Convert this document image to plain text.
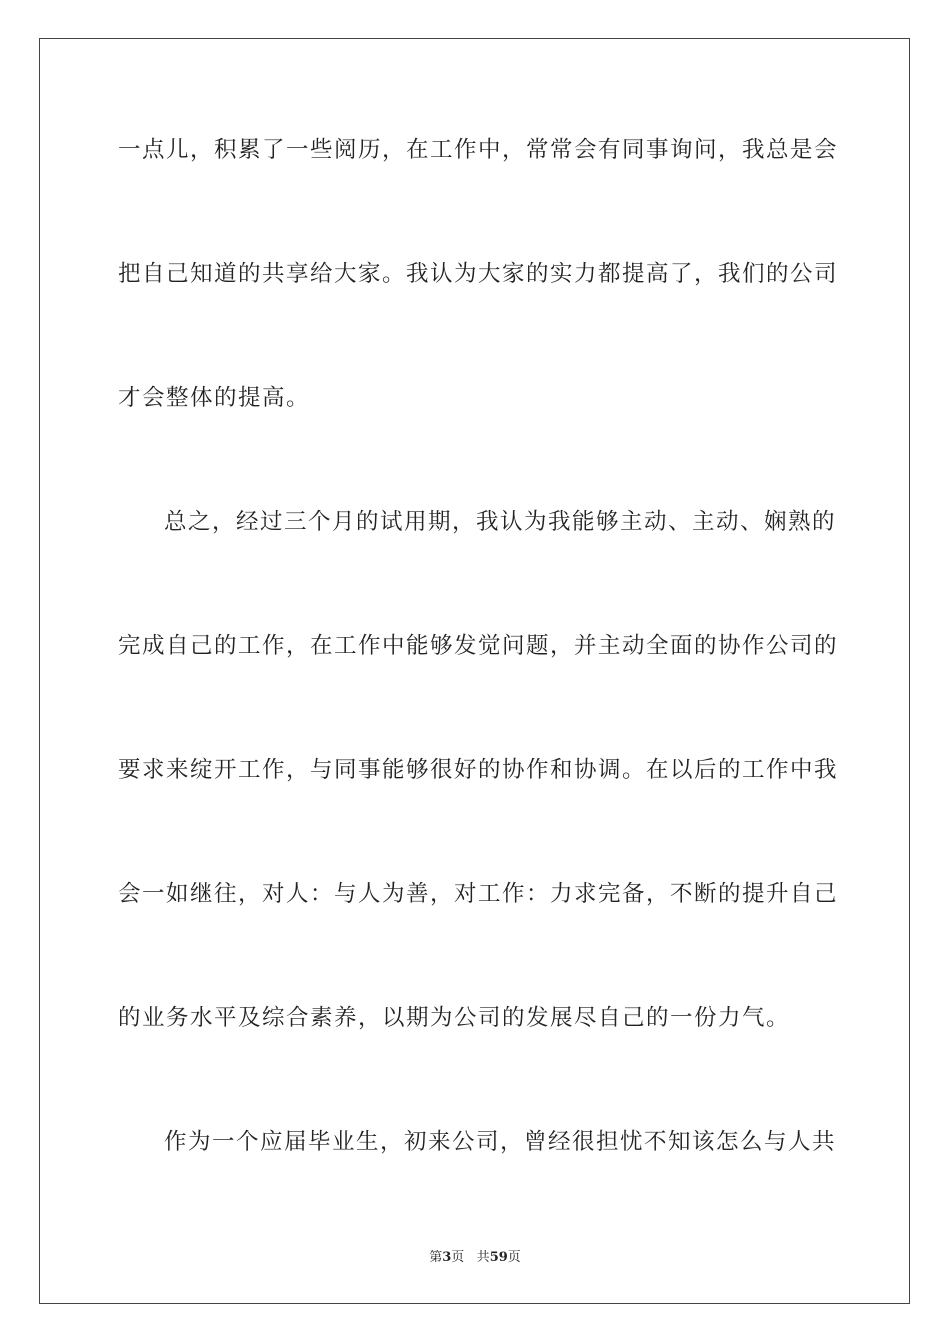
一点儿，积累了一些阅历，在工作中，常常会有同事询问，我总是会
把自己知道的共享给大家。我认为大家的实力都提高了，我们的公司
才会整体的提高。
总之，经过三个月的试用期，我认为我能够主动、主动、娴熟的
完成自己的工作，在工作中能够发觉问题，并主动全面的协作公司的
要求来绽开工作，与同事能够很好的协作和协调。在以后的工作中我
会一如继往，对人：与人为善，对工作：力求完备，不断的提升自己
的业务水平及综合素养，以期为公司的发展尽自己的一份力气。
作为一个应届毕业生，初来公司，曾经很担忧不知该怎么与人共
第3页 共59页
